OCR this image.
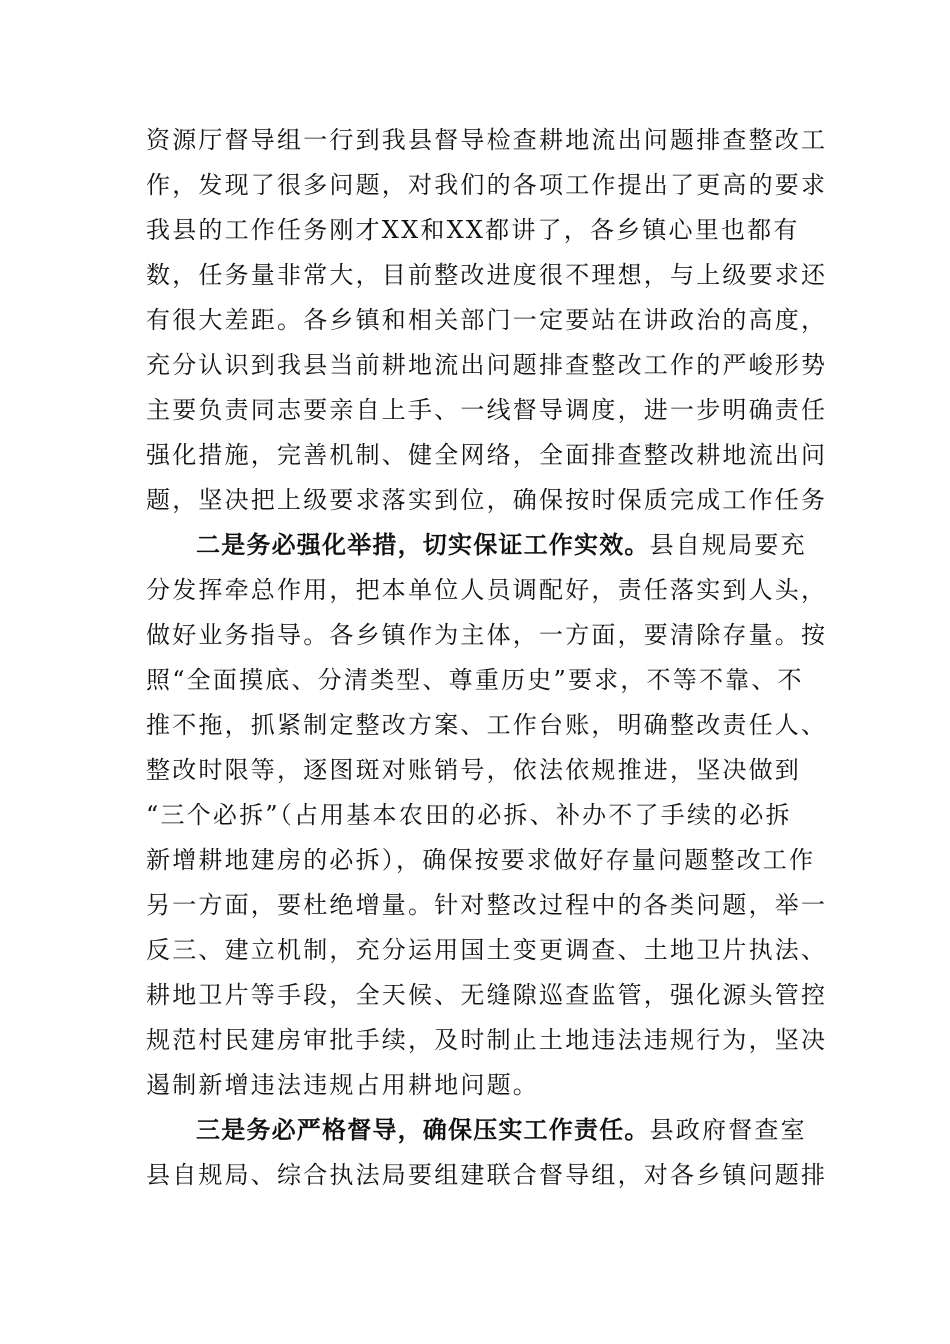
资源厅督导组一行到我县督导检查耕地流出问题排查整改工
作，发现了很多问题，对我们的各项工作提出了更高的要求
我县的工作任务刚才XX和XX都讲了，各乡镇心里也都有
数，任务量非常大，目前整改进度很不理想，与上级要求还
有很大差距。各乡镇和相关部门一定要站在讲政治的高度，
充分认识到我县当前耕地流出问题排查整改工作的严峻形势
主要负责同志要亲自上手、一线督导调度，进一步明确责任
强化措施，完善机制、健全网络，全面排查整改耕地流出问
题，坚决把上级要求落实到位，确保按时保质完成工作任务
二是务必强化举措，切实保证工作实效。县自规局要充
分发挥牵总作用，把本单位人员调配好，责任落实到人头，
做好业务指导。各乡镇作为主体，一方面，要清除存量。按
照“全面摸底、分清类型、尊重历史”要求，不等不靠、不
推不拖，抓紧制定整改方案、工作台账，明确整改责任人、
整改时限等，逐图斑对账销号，依法依规推进，坚决做到
“三个必拆”（占用基本农田的必拆、补办不了手续的必拆
新增耕地建房的必拆），确保按要求做好存量问题整改工作
另一方面，要杜绝增量。针对整改过程中的各类问题，举一
反三、建立机制，充分运用国土变更调查、土地卫片执法、
耕地卫片等手段，全天候、无缝隙巡查监管，强化源头管控
规范村民建房审批手续，及时制止土地违法违规行为，坚决
遏制新增违法违规占用耕地问题。
三是务必严格督导，确保压实工作责任。县政府督查室
县自规局、综合执法局要组建联合督导组，对各乡镇问题排
